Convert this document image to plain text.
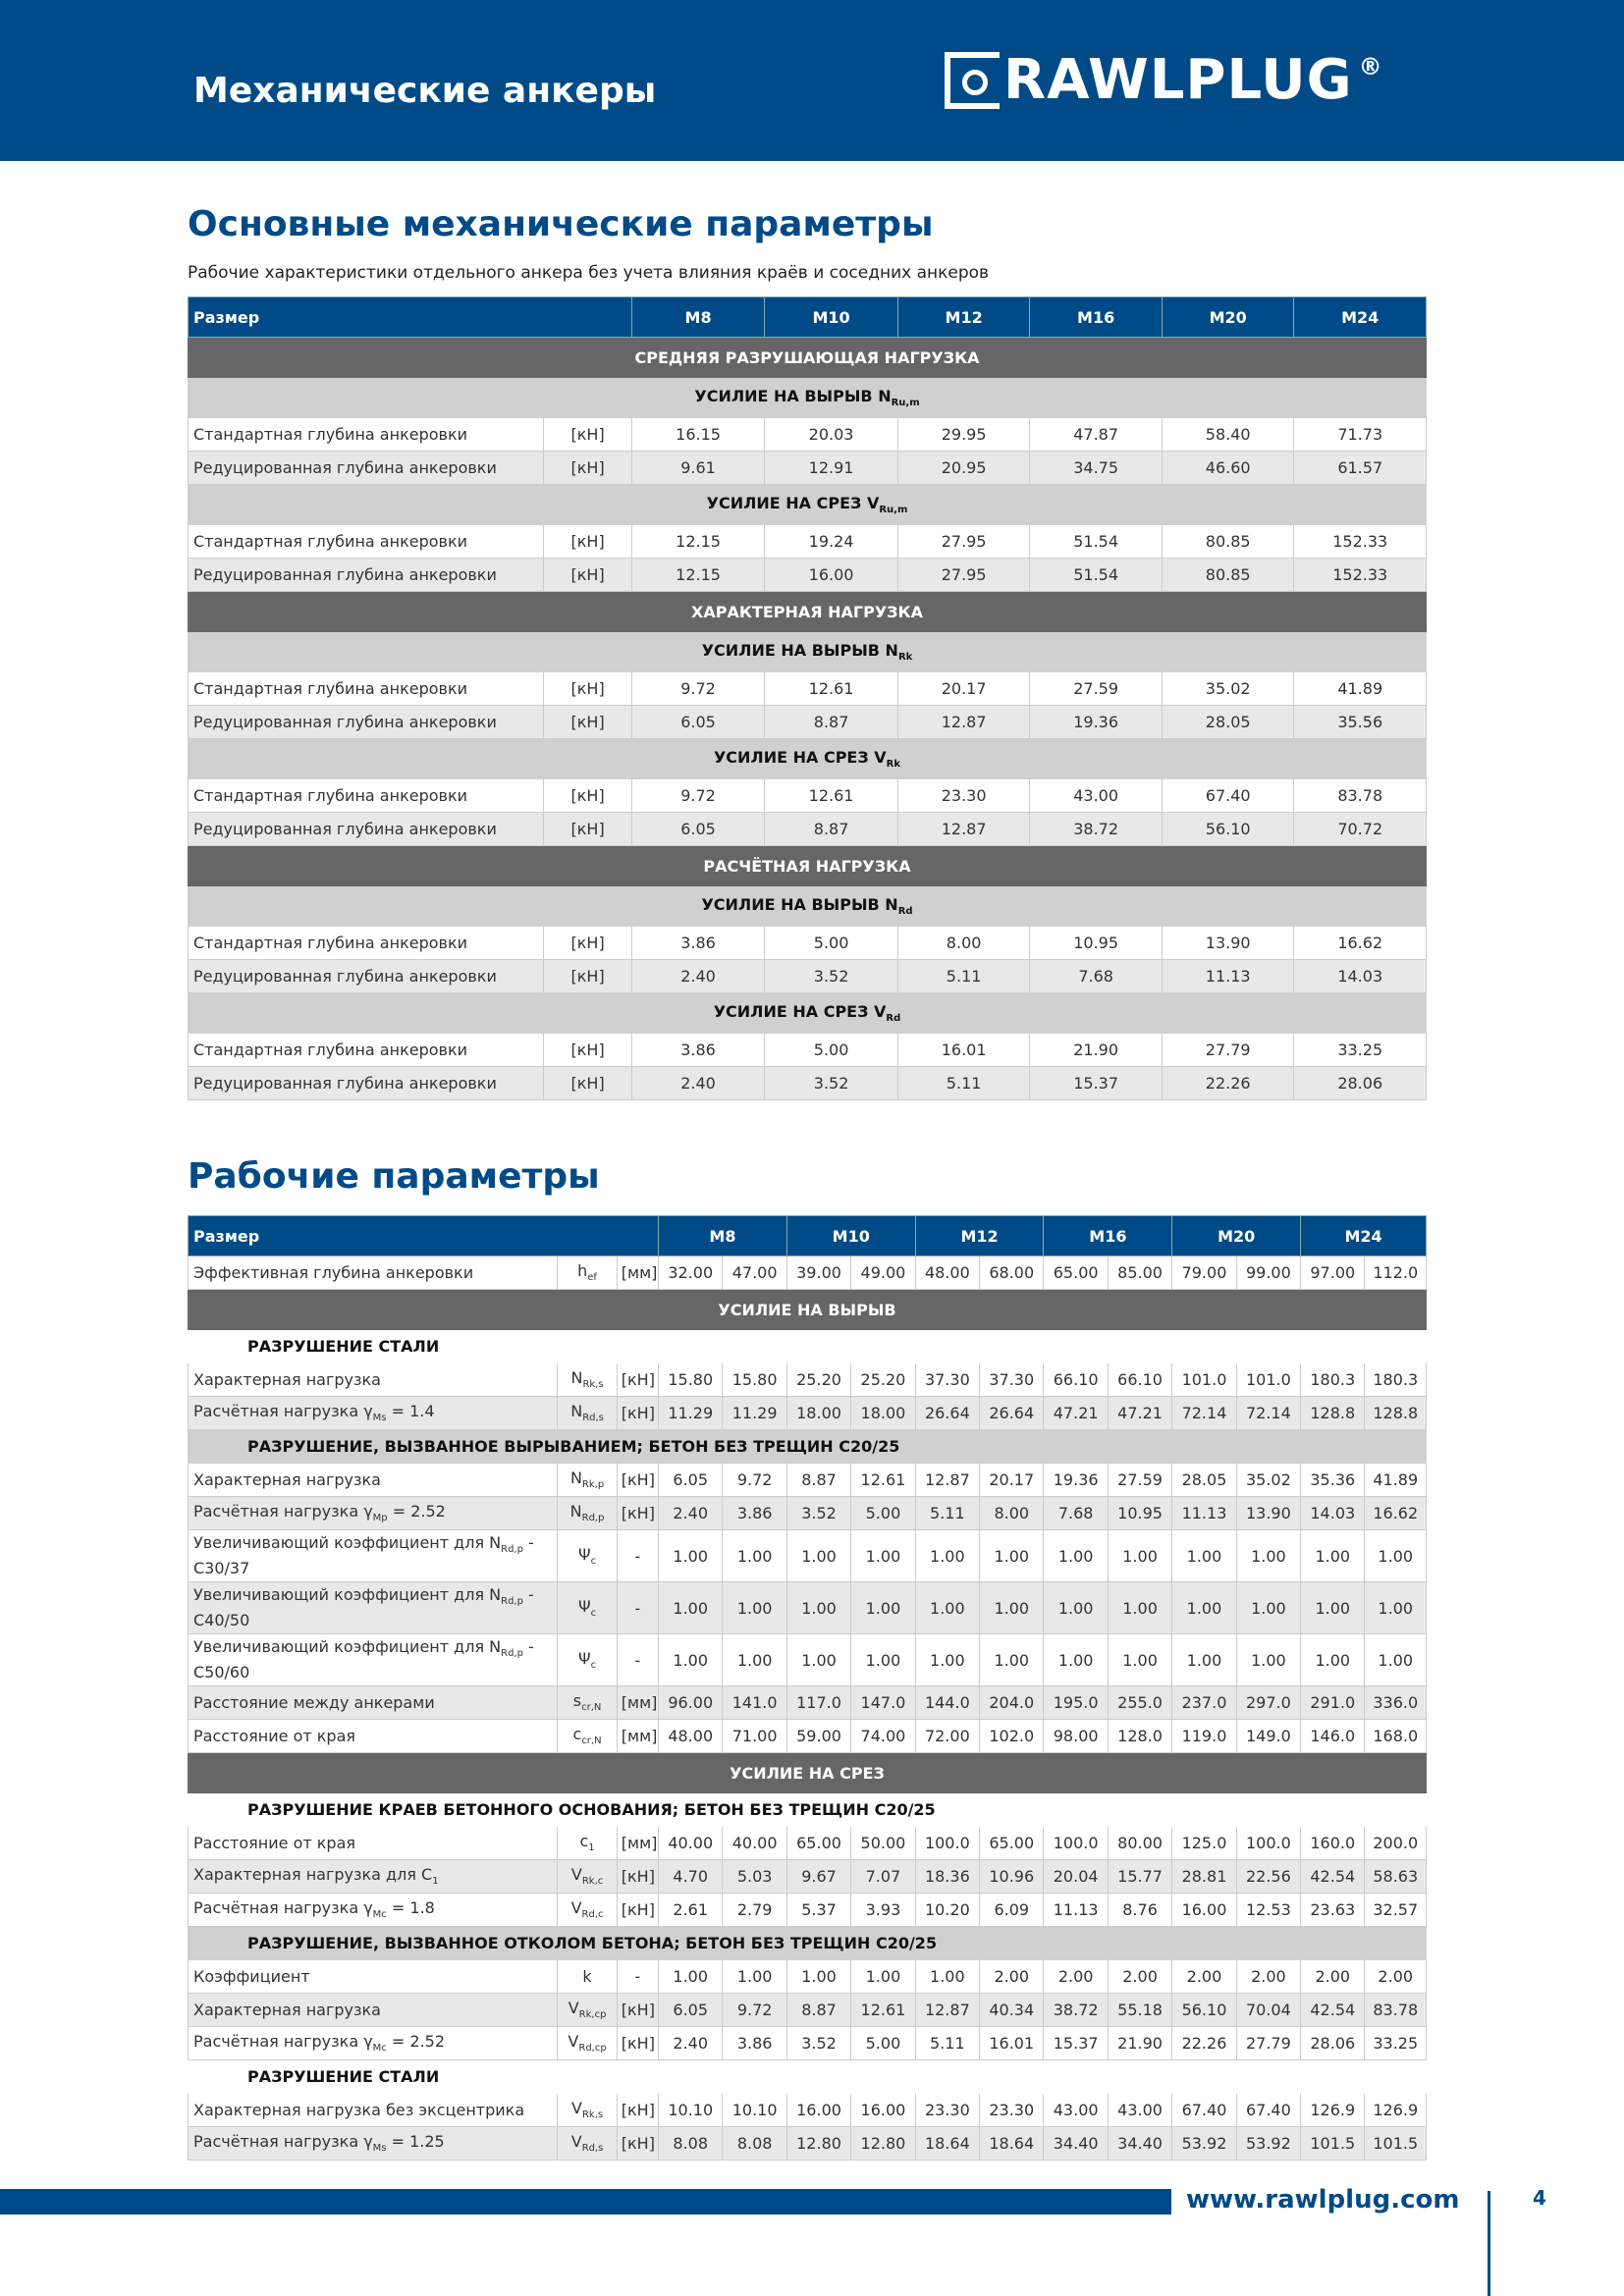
Механические анкеры	RAWLPLUG ®
Основные механические параметры
Рабочие характеристики отдельного анкера без учета влияния краёв и соседних анкеров
Размер		M8	M10	M12	M16	M20	M24
СРЕДНЯЯ РАЗРУШАЮЩАЯ НАГРУЗКА							
УСИЛИЕ НА ВЫРЫВ $N_{Ru,m}$
Стандартная глубина анкеровки	[кН]	16.15	20.03	29.95	47.87	58.40	71.73
Редуцированная глубина анкеровки	[кН]	9.61	12.91	20.95	34.75	46.60	61.57
УСИЛИЕ НА СРЕЗ $V_{Ru,m}$
Стандартная глубина анкеровки	[кН]	12.15	19.24	27.95	51.54	80.85	152.33
Редуцированная глубина анкеровки	[кН]	12.15	16.00	27.95	51.54	80.85	152.33
ХАРАКТЕРНАЯ НАГРУЗКА							
УСИЛИЕ НА ВЫРЫВ $N_{Rk}$
Стандартная глубина анкеровки	[кН]	9.72	12.61	20.17	27.59	35.02	41.89
Редуцированная глубина анкеровки	[кН]	6.05	8.87	12.87	19.36	28.05	35.56
УСИЛИЕ НА СРЕЗ $V_{Rk}$
Стандартная глубина анкеровки	[кН]	9.72	12.61	23.30	43.00	67.40	83.78
Редуцированная глубина анкеровки	[кН]	6.05	8.87	12.87	38.72	56.10	70.72
РАСЧЁТНАЯ НАГРУЗКА							
УСИЛИЕ НА ВЫРЫВ $N_{Rd}$
Стандартная глубина анкеровки	[кН]	3.86	5.00	8.00	10.95	13.90	16.62
Редуцированная глубина анкеровки	[кН]	2.40	3.52	5.11	7.68	11.13	14.03
УСИЛИЕ НА СРЕЗ $V_{Rd}$
Стандартная глубина анкеровки	[кН]	3.86	5.00	16.01	21.90	27.79	33.25
Редуцированная глубина анкеровки	[кН]	2.40	3.52	5.11	15.37	22.26	28.06
Рабочие параметры
Размер			M8		M10		M12		M16		M20		M24	
Эффективная глубина анкеровки	$h_{ef}$	[мм]	32.00	47.00	39.00	49.00	48.00	68.00	65.00	85.00	79.00	99.00	97.00	112.0
УСИЛИЕ НА ВЫРЫВ														
РАЗРУШЕНИЕ СТАЛИ														
Характерная нагрузка	$N_{Rk,s}$	[кН]	15.80	15.80	25.20	25.20	37.30	37.30	66.10	66.10	101.0	101.0	180.3	180.3
Расчётная нагрузка $\gamma_{Ms} = 1.4$	$N_{Rd,s}$	[кН]	11.29	11.29	18.00	18.00	26.64	26.64	47.21	47.21	72.14	72.14	128.8	128.8
РАЗРУШЕНИЕ, ВЫЗВАННОЕ ВЫРЫВАНИЕМ; БЕТОН БЕЗ ТРЕЩИН C20/25														
Характерная нагрузка	$N_{Rk,p}$	[кН]	6.05	9.72	8.87	12.61	12.87	20.17	19.36	27.59	28.05	35.02	35.36	41.89
Расчётная нагрузка $\gamma_{Mp} = 2.52$	$N_{Rd,p}$	[кН]	2.40	3.86	3.52	5.00	5.11	8.00	7.68	10.95	11.13	13.90	14.03	16.62
Увеличивающий коэффициент для $N_{Rd,p} - C30/37$	$\Psi_c$	-	1.00	1.00	1.00	1.00	1.00	1.00	1.00	1.00	1.00	1.00	1.00	1.00
Увеличивающий коэффициент для $N_{Rd,p} - C40/50$	$\Psi_c$	-	1.00	1.00	1.00	1.00	1.00	1.00	1.00	1.00	1.00	1.00	1.00	1.00
Увеличивающий коэффициент для $N_{Rd,p} - C50/60$	$\Psi_c$	-	1.00	1.00	1.00	1.00	1.00	1.00	1.00	1.00	1.00	1.00	1.00	1.00
Расстояние между анкерами	$s_{cr,N}$	[мм]	96.00	141.0	117.0	147.0	144.0	204.0	195.0	255.0	237.0	297.0	291.0	336.0
Расстояние от края	$c_{cr,N}$	[мм]	48.00	71.00	59.00	74.00	72.00	102.0	98.00	128.0	119.0	149.0	146.0	168.0
УСИЛИЕ НА СРЕЗ														
РАЗРУШЕНИЕ КРАЕВ БЕТОННОГО ОСНОВАНИЯ; БЕТОН БЕЗ ТРЕЩИН C20/25														
Расстояние от края	$c_1$	[мм]	40.00	40.00	65.00	50.00	100.0	65.00	100.0	80.00	125.0	100.0	160.0	200.0
Характерная нагрузка для $C_1$	$V_{Rk,c}$	[кН]	4.70	5.03	9.67	7.07	18.36	10.96	20.04	15.77	28.81	22.56	42.54	58.63
Расчётная нагрузка $\gamma_{Mc} = 1.8$	$V_{Rd,c}$	[кН]	2.61	2.79	5.37	3.93	10.20	6.09	11.13	8.76	16.00	12.53	23.63	32.57
РАЗРУШЕНИЕ, ВЫЗВАННОЕ ОТКОЛОМ БЕТОНА; БЕТОН БЕЗ ТРЕЩИН C20/25														
Коэффициент	k	-	1.00	1.00	1.00	1.00	1.00	2.00	2.00	2.00	2.00	2.00	2.00	2.00
Характерная нагрузка	$V_{Rk,cp}$	[кН]	6.05	9.72	8.87	12.61	12.87	40.34	38.72	55.18	56.10	70.04	42.54	83.78
Расчётная нагрузка $\gamma_{Mc} = 2.52$	$V_{Rd,cp}$	[кН]	2.40	3.86	3.52	5.00	5.11	16.01	15.37	21.90	22.26	27.79	28.06	33.25
РАЗРУШЕНИЕ СТАЛИ														
Характерная нагрузка без эксцентрика	$V_{Rk,s}$	[кН]	10.10	10.10	16.00	16.00	23.30	23.30	43.00	43.00	67.40	67.40	126.9	126.9
Расчётная нагрузка $\gamma_{Ms} = 1.25$	$V_{Rd,s}$	[кН]	8.08	8.08	12.80	12.80	18.64	18.64	34.40	34.40	53.92	53.92	101.5	101.5
www.rawlplug.com	4
